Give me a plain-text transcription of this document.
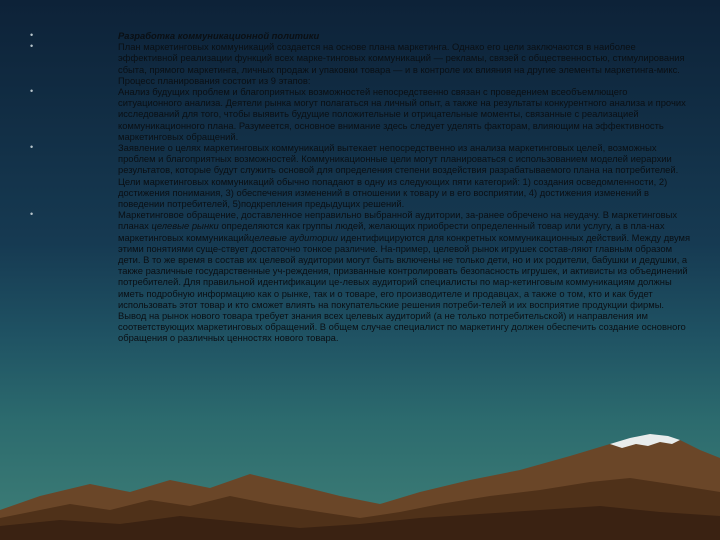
•	Разработка коммуникационной политики

•	План маркетинговых коммуникаций создается на основе плана маркетинга. Однако его цели заключаются в наиболее эффективной реализации функций всех марке-тинговых коммуникаций — рекламы, связей с общественностью, стимулирования сбыта, прямого маркетинга, личных продаж и упаковки товара — и в контроле их влияния на другие элементы маркетинга-микс. Процесс планирования состоит из 9 этапов:

•	Анализ будущих проблем и благоприятных возможностей непосредственно связан с проведением всеобъемлющего ситуационного анализа. Деятели рынка могут полагаться на личный опыт, а также на результаты конкурентного анализа и прочих исследований для того, чтобы выявить будущие положительные и отрицательные моменты, связанные с реализацией коммуникационного плана. Разумеется, основное внимание здесь следует уделять факторам, влияющим на эффективность маркетинговых обращений.

•	Заявление о целях маркетинговых коммуникаций вытекает непосредственно из анализа маркетинговых целей, возможных проблем и благоприятных возможностей. Коммуникационные цели могут планироваться с использованием моделей иерархии результатов, которые будут служить основой для определения степени воздействия разрабатываемого плана на потребителей. Цели маркетинговых коммуникаций обычно попадают в одну из следующих пяти категорий: 1) создания осведомленности, 2) достижения понимания, 3) обеспечения изменений в отношении к товару и в его восприятии, 4) достижения изменений в поведении потребителей, 5)подкрепления предыдущих решений.

•	Маркетинговое обращение, доставленное неправильно выбранной аудитории, за-ранее обречено на неудачу. В маркетинговых планах целевые рынки определяются как группы людей, желающих приобрести определенный товар или услугу, а в пла-нах маркетинговых коммуникацийцелевые аудитории идентифицируются для конкретных коммуникационных действий. Между двумя этими понятиями суще-ствует достаточно тонкое различие. На-пример, целевой рынок игрушек состав-ляют главным образом дети. В то же время в состав их целевой аудитории могут быть включены не только дети, но и их родители, бабушки и дедушки, а также различные государственные уч-реждения, призванные контролировать безопасность игрушек, и активисты из объединений потребителей. Для правильной идентификации це-левых аудиторий специалисты по мар-кетинговым коммуникациям должны иметь подробную информацию как о рынке, так и о товаре, его производителе и продавцах, а также о том, кто и как будет использовать этот товар и кто сможет влиять на покупательские решения потреби-телей и их восприятие продукции фирмы. Вывод на рынок нового товара требует знания всех целевых аудиторий (а не только потребительской) и направления им соответствующих маркетинговых обращений. В общем случае специалист по маркетингу должен обеспечить создание основного обращения о различных ценностях нового товара.
